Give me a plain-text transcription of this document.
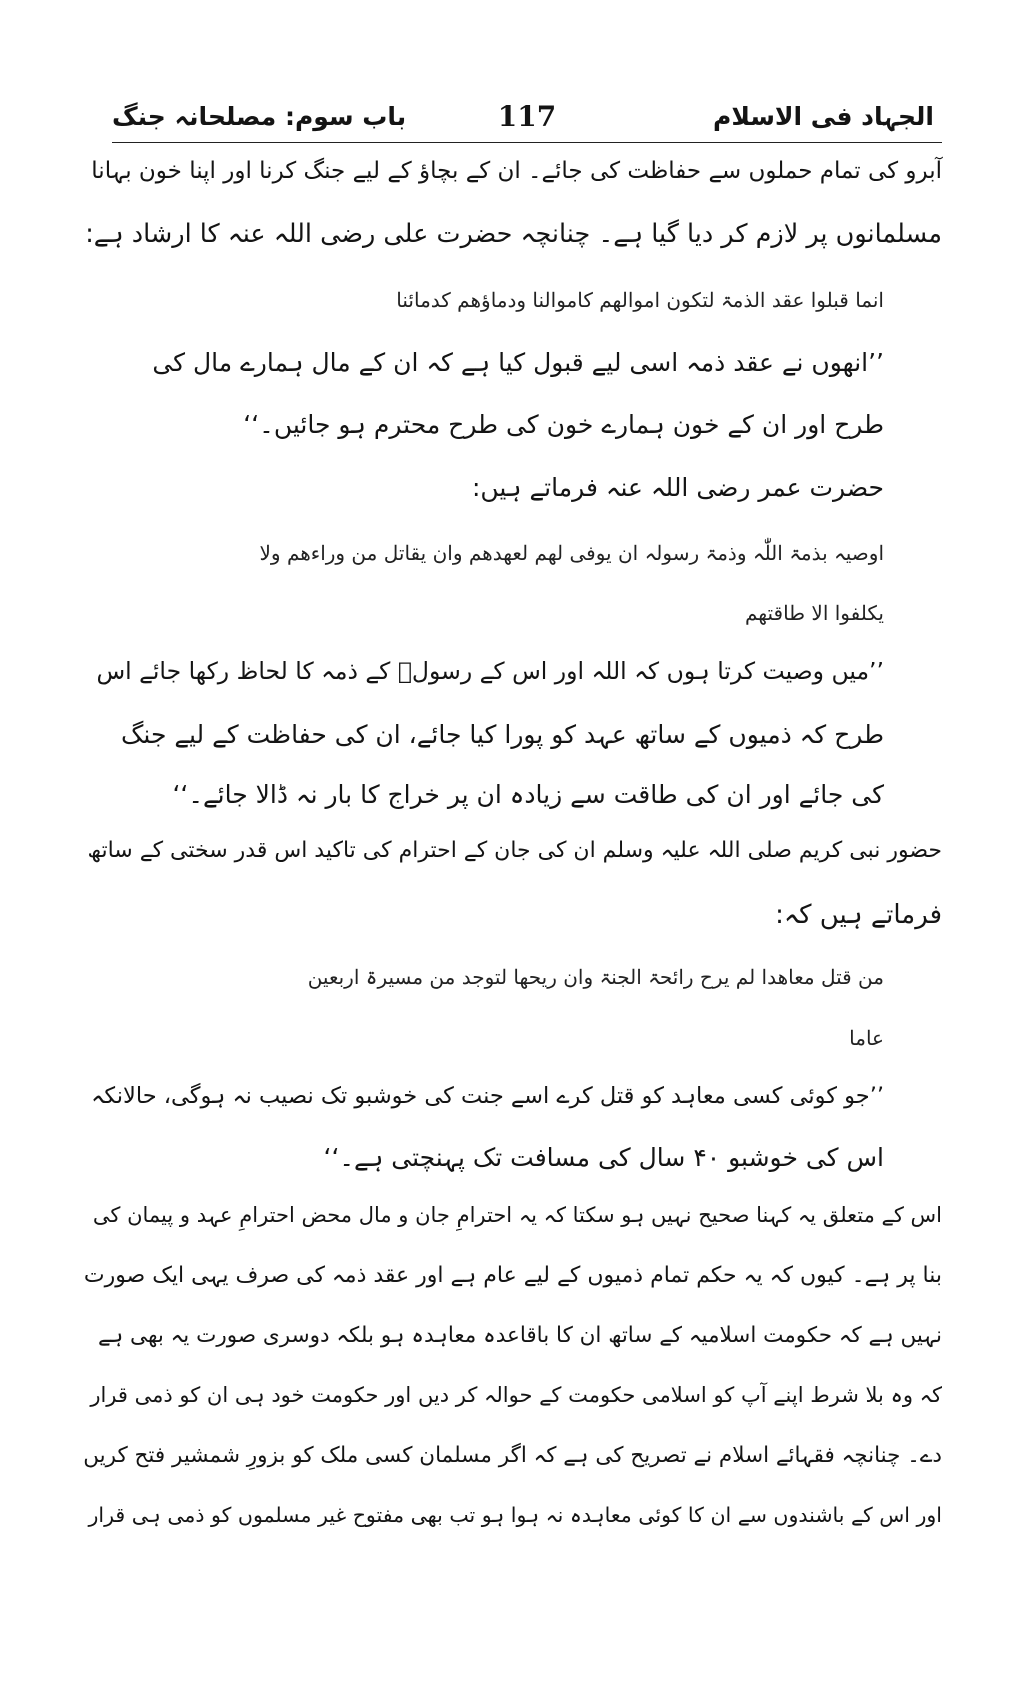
الجہاد فی الاسلام
117
باب سوم: مصلحانہ جنگ
آبرو کی تمام حملوں سے حفاظت کی جائے۔ ان کے بچاؤ کے لیے جنگ کرنا اور اپنا خون بہانا
مسلمانوں پر لازم کر دیا گیا ہے۔ چنانچہ حضرت علی رضی اللہ عنہ کا ارشاد ہے:
انما قبلوا عقد الذمۃ لتکون اموالھم کاموالنا ودماؤھم کدمائنا
’’انھوں نے عقد ذمہ اسی لیے قبول کیا ہے کہ ان کے مال ہمارے مال کی
طرح اور ان کے خون ہمارے خون کی طرح محترم ہو جائیں۔‘‘
حضرت عمر رضی اللہ عنہ فرماتے ہیں:
اوصیہ بذمۃ اللّٰہ وذمۃ رسولہ ان یوفی لھم لعھدھم وان یقاتل من وراءھم ولا
یکلفوا الا طاقتھم
’’میں وصیت کرتا ہوں کہ اللہ اور اس کے رسولؐ کے ذمہ کا لحاظ رکھا جائے اس
طرح کہ ذمیوں کے ساتھ عہد کو پورا کیا جائے، ان کی حفاظت کے لیے جنگ
کی جائے اور ان کی طاقت سے زیادہ ان پر خراج کا بار نہ ڈالا جائے۔‘‘
حضور نبی کریم صلی اللہ علیہ وسلم ان کی جان کے احترام کی تاکید اس قدر سختی کے ساتھ
فرماتے ہیں کہ:
من قتل معاھدا لم یرح رائحۃ الجنۃ وان ریحھا لتوجد من مسیرۃ اربعین
عاما
’’جو کوئی کسی معاہد کو قتل کرے اسے جنت کی خوشبو تک نصیب نہ ہوگی، حالانکہ
اس کی خوشبو ۴۰ سال کی مسافت تک پہنچتی ہے۔‘‘
اس کے متعلق یہ کہنا صحیح نہیں ہو سکتا کہ یہ احترامِ جان و مال محض احترامِ عہد و پیمان کی
بنا پر ہے۔ کیوں کہ یہ حکم تمام ذمیوں کے لیے عام ہے اور عقد ذمہ کی صرف یہی ایک صورت
نہیں ہے کہ حکومت اسلامیہ کے ساتھ ان کا باقاعدہ معاہدہ ہو بلکہ دوسری صورت یہ بھی ہے
کہ وہ بلا شرط اپنے آپ کو اسلامی حکومت کے حوالہ کر دیں اور حکومت خود ہی ان کو ذمی قرار
دے۔ چنانچہ فقہائے اسلام نے تصریح کی ہے کہ اگر مسلمان کسی ملک کو بزورِ شمشیر فتح کریں
اور اس کے باشندوں سے ان کا کوئی معاہدہ نہ ہوا ہو تب بھی مفتوح غیر مسلموں کو ذمی ہی قرار
